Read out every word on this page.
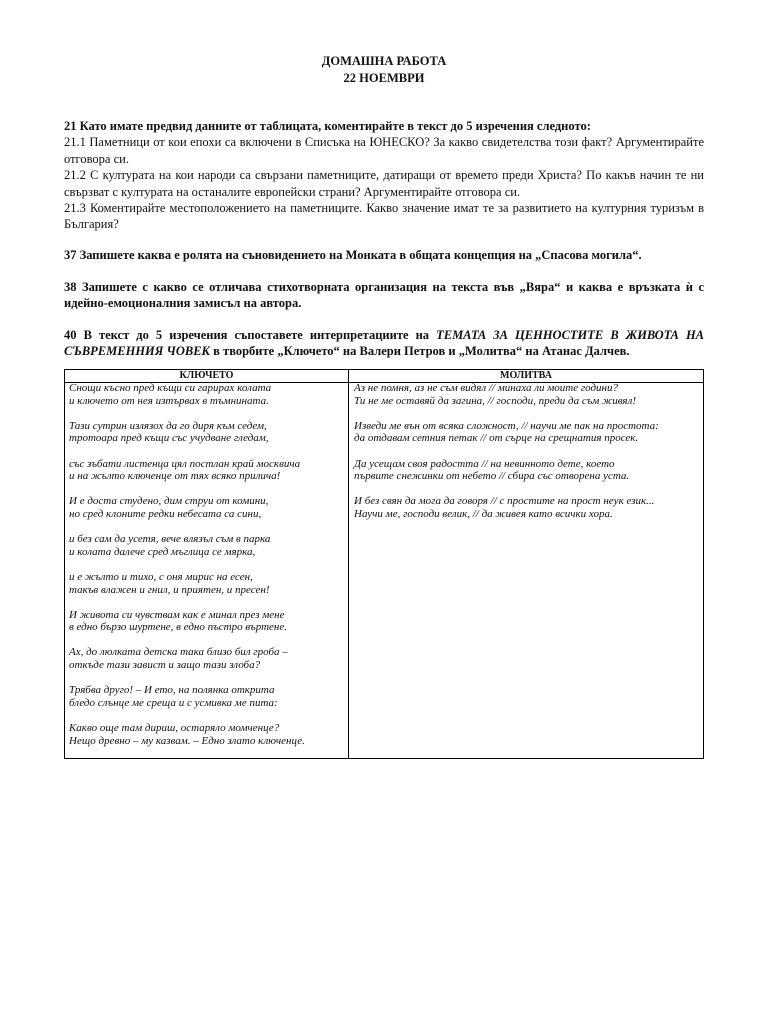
ДОМАШНА РАБОТА
22 НОЕМВРИ
21 Като имате предвид данните от таблицата, коментирайте в текст до 5 изречения следното:
21.1 Паметници от кои епохи са включени в Списъка на ЮНЕСКО? За какво свидетелства този факт? Аргументирайте отговора си.
21.2 С културата на кои народи са свързани паметниците, датиращи от времето преди Христа? По какъв начин те ни свързват с културата на останалите европейски страни? Аргументирайте отговора си.
21.3 Коментирайте местоположението на паметниците. Какво значение имат те за развитието на културния туризъм в България?
37 Запишете каква е ролята на съновидението на Монката в общата концепция на „Спасова могила“.
38 Запишете с какво се отличава стихотворната организация на текста във „Вяра“ и каква е връзката ѝ с идейно-емоционалния замисъл на автора.
40 В текст до 5 изречения съпоставете интерпретациите на ТЕМАТА ЗА ЦЕННОСТИТЕ В ЖИВОТА НА СЪВРЕМЕННИЯ ЧОВЕК в творбите „Ключето“ на Валери Петров и „Молитва“ на Атанас Далчев.
КЛЮЧЕТО	МОЛИТВА
Снощи късно пред къщи си гарирах колата
и ключето от нея изтървах в тъмнината.
Тази сутрин излязох да го диря към седем,
тротоара пред къщи със учудване гледам,
със зъбати листенца цял постлан край москвича
и на жълто ключенце от тях всяко прилича!
И е доста студено, дим струи от комини,
но сред клоните редки небесата са сини,
и без сам да усетя, вече влязъл съм в парка
и колата далече сред мъглица се мярка,
и е жълто и тихо, с оня мирис на есен,
такъв влажен и гнил, и приятен, и пресен!
И живота си чувствам как е минал през мене
в едно бързо шуртене, в едно пъстро въртене.
Ах, до люлката детска така близо бил гроба –
откъде тази завист и защо тази злоба?
Трябва друго! – И ето, на полянка открита
бледо слънце ме среща и с усмивка ме пита:
Какво още там дириш, остаряло момченце?
Нещо древно – му казвам. – Едно злато ключенце.
Аз не помня, аз не съм видял // минаха ли моите години?
Ти не ме оставяй да загина, // господи, преди да съм живял!
Изведи ме вън от всяка сложност, // научи ме пак на простота:
да отдавам сетния петак // от сърце на срещнатия просек.
Да усещам своя радостта // на невинното дете, което
първите снежинки от небето // сбира със отворена уста.
И без свян да мога да говоря // с простите на прост неук език...
Научи ме, господи велик, // да живея като всички хора.
